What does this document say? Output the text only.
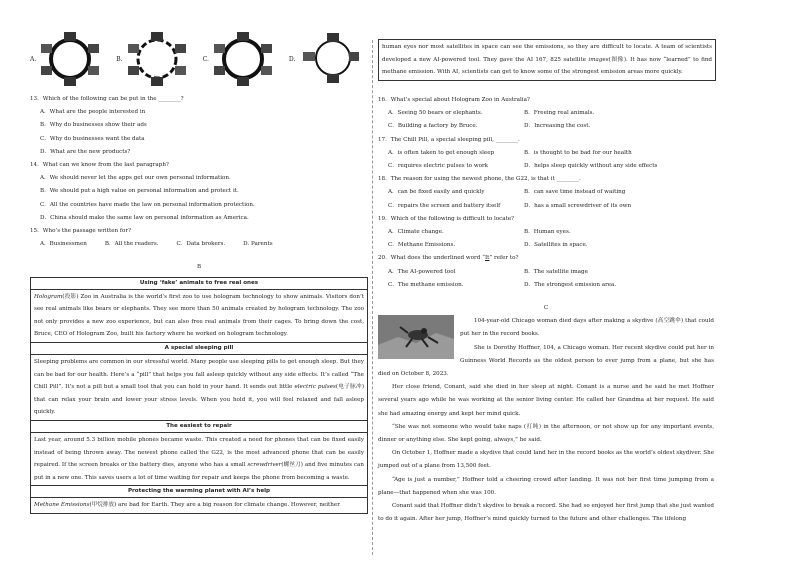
A.	B.	C.	D.
13．Which of the following can be put in the ________?
A．What are the people interested in
B．Why do businesses show their ads
C．Why do businesses want the data
D．What are the new products?
14．What can we know from the last paragraph?
A．We should never let the apps get our own personal information.
B．We should put a high value on personal information and protect it.
C．All the countries have made the law on personal information protection.
D．China should make the same law on personal information as America.
15．Who’s the passage written for?
A．Businessmen	B．All the readers.	C．Data brokers.	D. Parents
B
Using ‘fake’ animals to free real ones
Hologram(投影) Zoo in Australia is the world’s first zoo to use hologram technology to show animals. Visitors don’t see real animals like bears or elephants. They see more than 50 animals created by hologram technology. The zoo not only provides a new zoo experience, but can also free real animals from their cages. To bring down the cost, Bruce, CEO of Hologram Zoo, built his factory where he worked on hologram technology.
A special sleeping pill
Sleeping problems are common in our stressful world. Many people use sleeping pills to get enough sleep. But they can be bad for our health. Here’s a “pill” that helps you fall asleep quickly without any side effects. It’s called “The Chill Pill”. It’s not a pill but a small tool that you can hold in your hand. It sends out little electric pulses(电子脉冲) that can relax your brain and lower your stress levels. When you hold it, you will feel relaxed and fall asleep quickly.
The easiest to repair
Last year, around 5.3 billion mobile phones became waste. This created a need for phones that can be fixed easily instead of being thrown away. The newest phone called the G22, is the most advanced phone that can be easily repaired. If the screen breaks or the battery dies, anyone who has a small screwdriver(螺丝刀) and five minutes can put in a new one. This saves users a lot of time waiting for repair and keeps the phone from becoming a waste.
Protecting the warming planet with AI’s help
Methane Emissions(甲烷排放) are bad for Earth. They are a big reason for climate change. However, neither
human eyes nor most satellites in space can see the emissions, so they are difficult to locate. A team of scientists developed a new AI-powered tool. They gave the AI 167, 825 satellite images(图像). It has now “learned” to find methane emission. With AI, scientists can get to know some of the strongest emission areas more quickly.
16．What’s special about Hologram Zoo in Australia?
A．Seeing 50 bears or elephants.	B．Freeing real animals.
C．Building a factory by Bruce.	D．Increasing the cost.
17．The Chill Pill, a special sleeping pill, ________.
A．is often taken to get enough sleep	B．is thought to be bad for our health
C．requires electric pulses to work	D．helps sleep quickly without any side effects
18．The reason for using the newest phone, the G22, is that it ________.
A．can be fixed easily and quickly	B．can save time instead of waiting
C．repairs the screen and battery itself	D．has a small screwdriver of its own
19．Which of the following is difficult to locate?
A．Climate change.	B．Human eyes.
C．Methane Emissions.	D．Satellites in space.
20．What does the underlined word “It” refer to?
A．The AI-powered tool	B．The satellite image
C．The methane emission.	D．The strongest emission area.
C
104-year-old Chicago woman died days after making a skydive (高空跳伞) that could put her in the record books.
She is Dorothy Hoffner, 104, a Chicago woman. Her recent skydive could put her in Guinness World Records as the oldest person to ever jump from a plane, but she has died on October 8, 2023.
Her close friend, Conant, said she died in her sleep at night. Conant is a nurse and he said he met Hoffner several years ago while he was working at the senior living center. He called her Grandma at her request. He said she had amazing energy and kept her mind quick.
“She was not someone who would take naps (打盹) in the afternoon, or not show up for any important events, dinner or anything else. She kept going, always,” he said.
On October 1, Hoffner made a skydive that could land her in the record books as the world’s oldest skydiver. She jumped out of a plane from 13,500 feet.
“Age is just a number,” Hoffner told a cheering crowd after landing. It was not her first time jumping from a plane—that happened when she was 100.
Conant said that Hoffner didn’t skydive to break a record. She had so enjoyed her first jump that she just wanted to do it again. After her jump, Hoffner’s mind quickly turned to the future and other challenges. The lifelong
